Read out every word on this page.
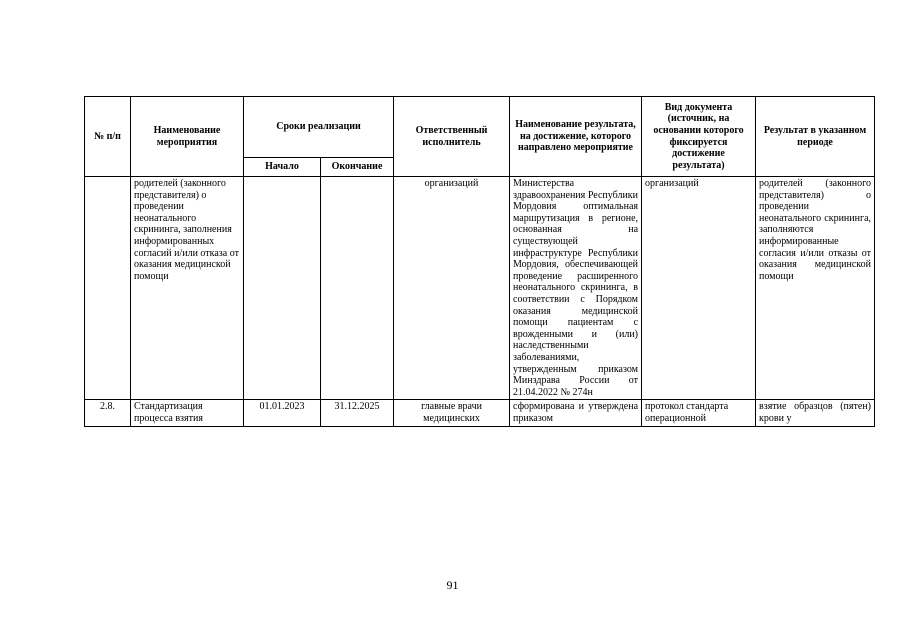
№ п/п	Наименование мероприятия	Сроки реализации		Ответственный исполнитель	Наименование результата, на достижение, которого направлено мероприятие	Вид документа (источник, на основании которого фиксируется достижение результата)	Результат в указанном периоде
		Начало	Окончание				
	родителей (законного представителя) о проведении неонатального скрининга, заполнения информированных согласий и/или отказа от оказания медицинской помощи			организаций	Министерства здравоохранения Республики Мордовия оптимальная маршрутизация в регионе, основанная на существующей инфраструктуре Республики Мордовия, обеспечивающей проведение расширенного неонатального скрининга, в соответствии с Порядком оказания медицинской помощи пациентам с врожденными и (или) наследственными заболеваниями, утвержденным приказом Минздрава России от 21.04.2022 № 274н	организаций	родителей (законного представителя) о проведении неонатального скрининга, заполняются информированные согласия и/или отказы от оказания медицинской помощи
2.8.	Стандартизация процесса взятия	01.01.2023	31.12.2025	главные врачи медицинских	сформирована и утверждена приказом	протокол стандарта операционной	взятие образцов (пятен) крови у
91
